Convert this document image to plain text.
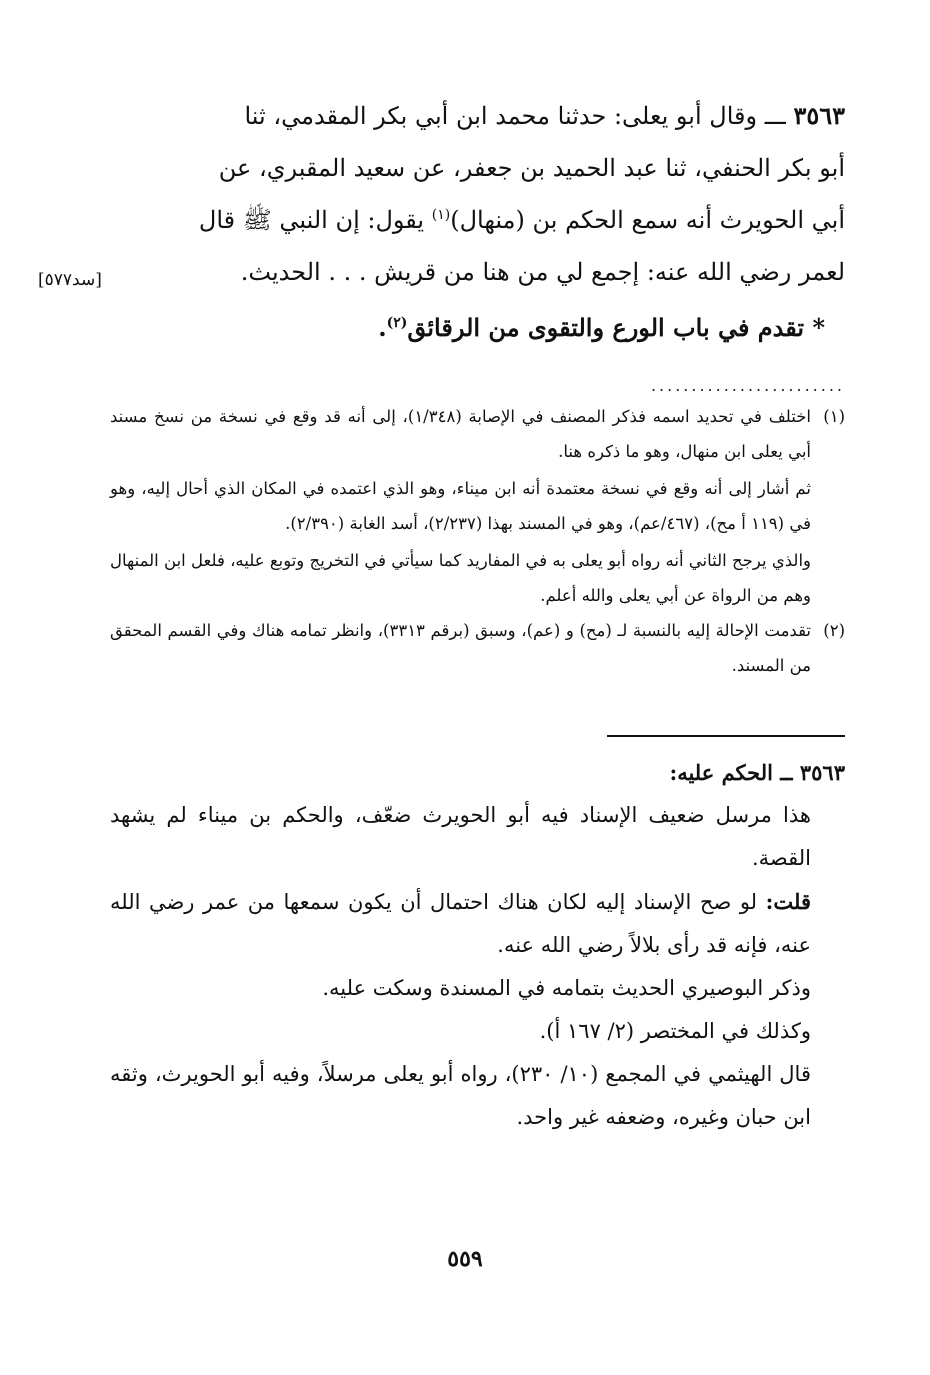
[سد٥٧٧]

٣٥٦٣ ـــ وقال أبو يعلى: حدثنا محمد ابن أبي بكر المقدمي، ثنا

أبو بكر الحنفي، ثنا عبد الحميد بن جعفر، عن سعيد المقبري، عن

أبي الحويرث أنه سمع الحكم بن (منهال)$^{(١)}$ يقول: إن النبي ﷺ قال

لعمر رضي الله عنه: إجمع لي من هنا من قريش . . . الحديث.

* تقدم في باب الورع والتقوى من الرقائق$^{(٢)}$.

........................
(١)

اختلف في تحديد اسمه فذكر المصنف في الإصابة (١/٣٤٨)، إلى أنه قد وقع في نسخة من نسخ مسند أبي يعلى ابن منهال، وهو ما ذكره هنا.

ثم أشار إلى أنه وقع في نسخة معتمدة أنه ابن ميناء، وهو الذي اعتمده في المكان الذي أحال إليه، وهو في (١١٩ أ مح)، (٤٦٧/عم)، وهو في المسند بهذا (٢/٢٣٧)، أسد الغابة (٢/٣٩٠).

والذي يرجح الثاني أنه رواه أبو يعلى به في المفاريد كما سيأتي في التخريج وتوبع عليه، فلعل ابن المنهال وهم من الرواة عن أبي يعلى والله أعلم.

(٢)

تقدمت الإحالة إليه بالنسبة لـ (مح) و (عم)، وسبق (برقم ٣٣١٣)، وانظر تمامه هناك وفي القسم المحقق من المسند.

٣٥٦٣ ــ الحكم عليه:

هذا مرسل ضعيف الإسناد فيه أبو الحويرث ضعّف، والحكم بن ميناء لم يشهد القصة.

قلت: لو صح الإسناد إليه لكان هناك احتمال أن يكون سمعها من عمر رضي الله عنه، فإنه قد رأى بلالاً رضي الله عنه.

وذكر البوصيري الحديث بتمامه في المسندة وسكت عليه.

وكذلك في المختصر (٢/ ١٦٧ أ).

قال الهيثمي في المجمع (١٠/ ٢٣٠)، رواه أبو يعلى مرسلاً، وفيه أبو الحويرث، وثقه ابن حبان وغيره، وضعفه غير واحد.

٥٥٩
